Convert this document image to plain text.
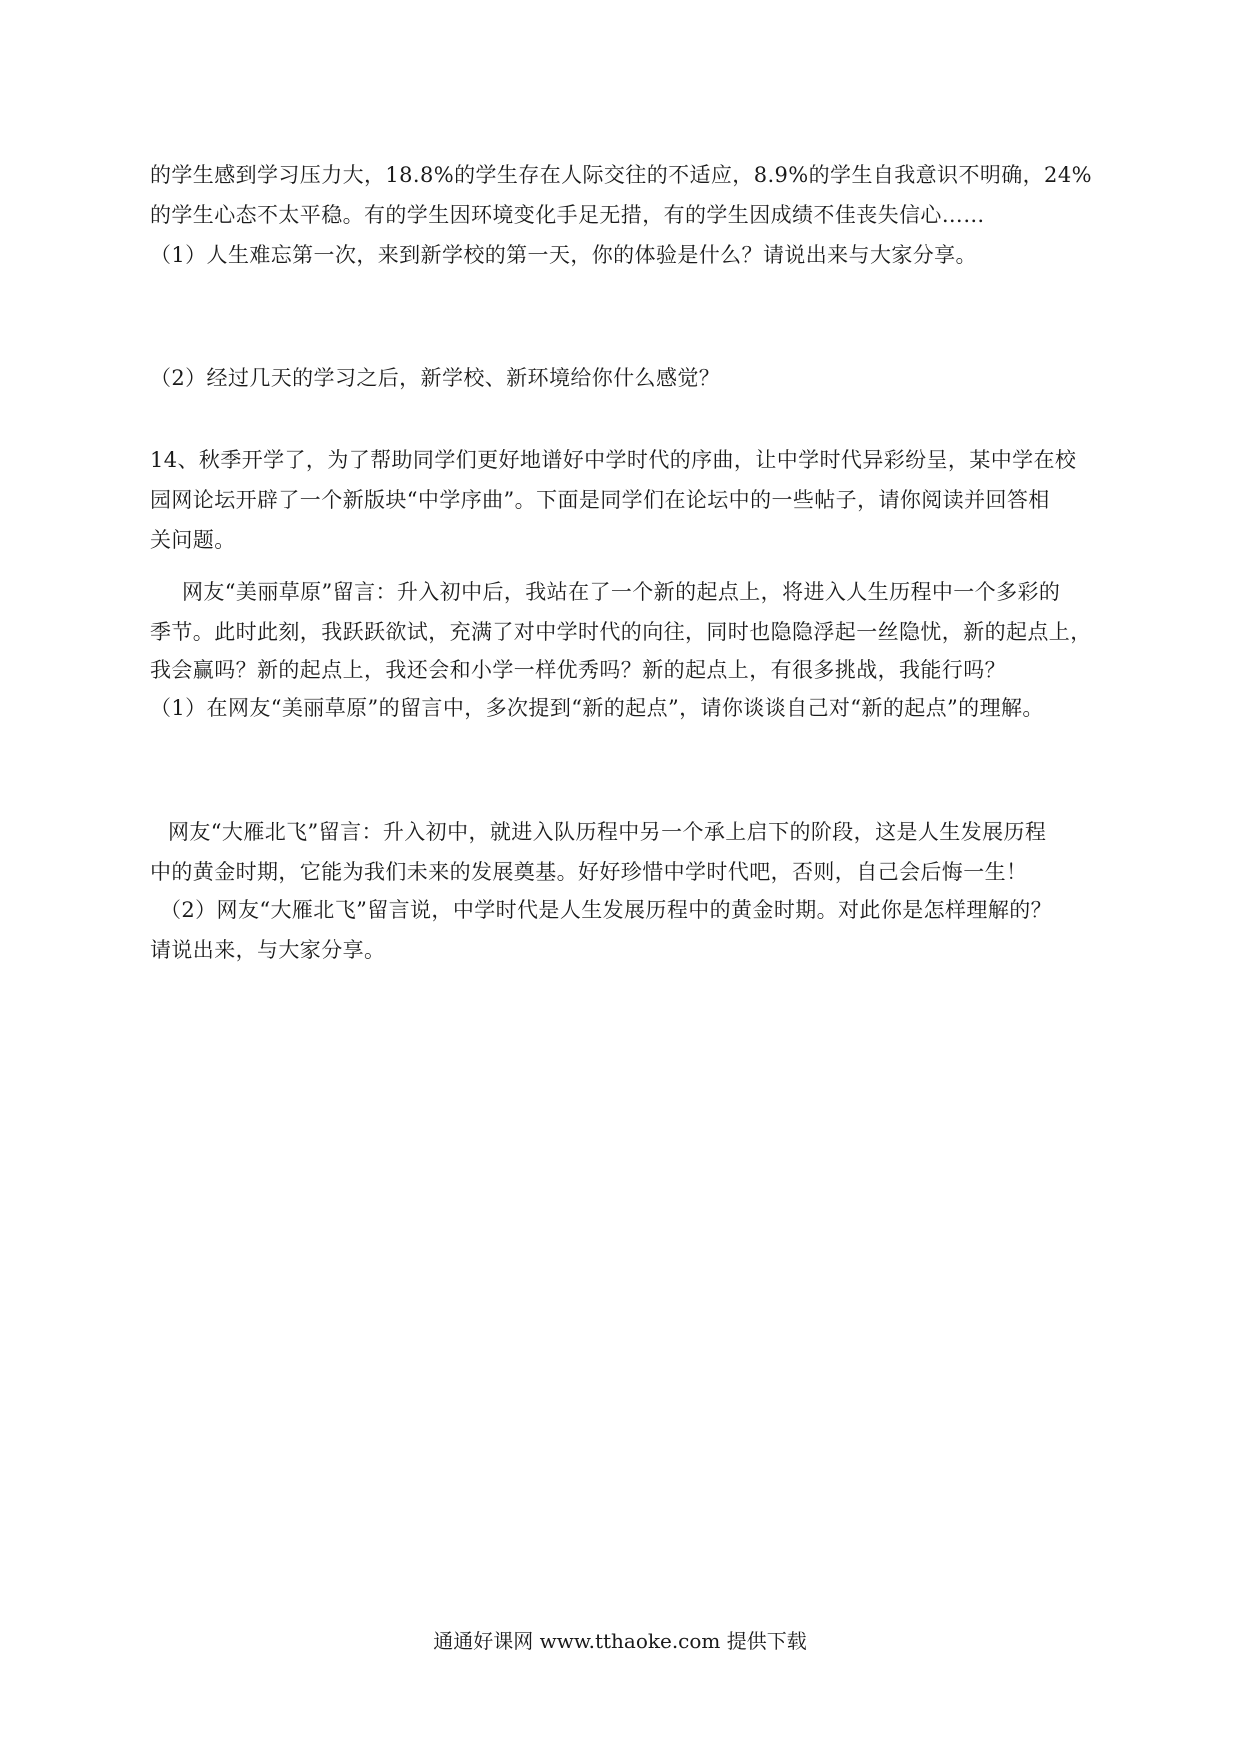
的学生感到学习压力大，18.8%的学生存在人际交往的不适应，8.9%的学生自我意识不明确，24%
的学生心态不太平稳。有的学生因环境变化手足无措，有的学生因成绩不佳丧失信心……
（1）人生难忘第一次，来到新学校的第一天，你的体验是什么？请说出来与大家分享。
（2）经过几天的学习之后，新学校、新环境给你什么感觉？
14、秋季开学了，为了帮助同学们更好地谱好中学时代的序曲，让中学时代异彩纷呈，某中学在校
园网论坛开辟了一个新版块“中学序曲”。下面是同学们在论坛中的一些帖子，请你阅读并回答相
关问题。
网友“美丽草原”留言：升入初中后，我站在了一个新的起点上，将进入人生历程中一个多彩的
季节。此时此刻，我跃跃欲试，充满了对中学时代的向往，同时也隐隐浮起一丝隐忧，新的起点上，
我会赢吗？新的起点上，我还会和小学一样优秀吗？新的起点上，有很多挑战，我能行吗？
（1）在网友“美丽草原”的留言中，多次提到“新的起点”，请你谈谈自己对“新的起点”的理解。
网友“大雁北飞”留言：升入初中，就进入队历程中另一个承上启下的阶段，这是人生发展历程
中的黄金时期，它能为我们未来的发展奠基。好好珍惜中学时代吧，否则，自己会后悔一生！
（2）网友“大雁北飞”留言说，中学时代是人生发展历程中的黄金时期。对此你是怎样理解的？
请说出来，与大家分享。
通通好课网 www.tthaoke.com 提供下载
